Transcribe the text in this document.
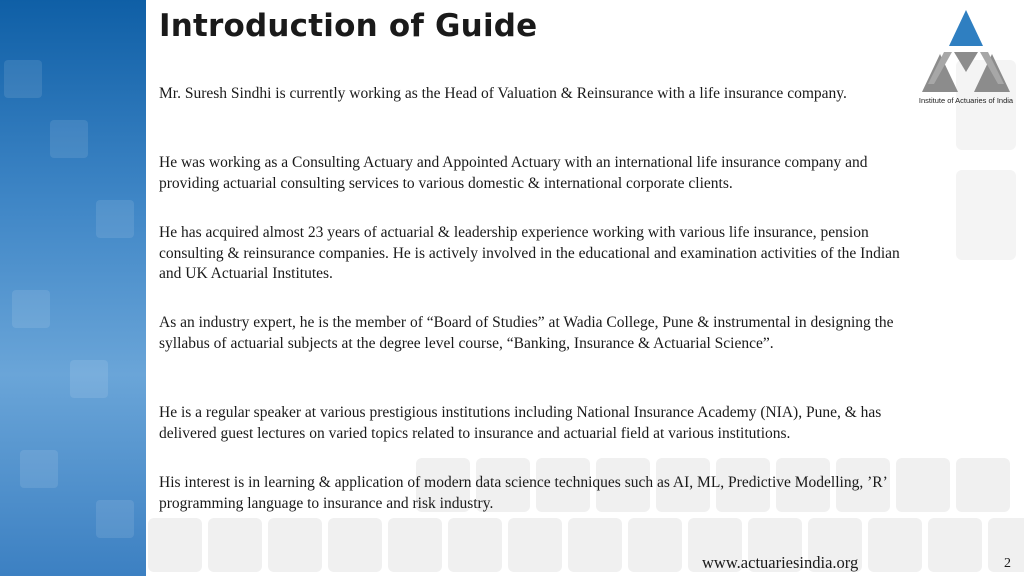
Introduction of Guide

Mr. Suresh Sindhi is currently working as the Head of Valuation & Reinsurance with a life insurance company.

He was working as a Consulting Actuary and Appointed Actuary with an international life insurance company and providing actuarial consulting services to various domestic & international corporate clients.

He has acquired almost 23 years of actuarial & leadership experience working with various life insurance, pension consulting & reinsurance companies. He is actively involved in the educational and examination activities of the Indian and UK Actuarial Institutes.

As an industry expert, he is the member of “Board of Studies” at Wadia College, Pune & instrumental in designing the syllabus of actuarial subjects at the degree level course, “Banking, Insurance & Actuarial Science”.

He is a regular speaker at various prestigious institutions including National Insurance Academy (NIA), Pune, & has delivered guest lectures on varied topics related to insurance and actuarial field at various institutions.

His interest is in learning & application of modern data science techniques such as AI, ML, Predictive Modelling, ’R’ programming language to insurance and risk industry.

Institute of Actuaries of India
www.actuariesindia.org	2
